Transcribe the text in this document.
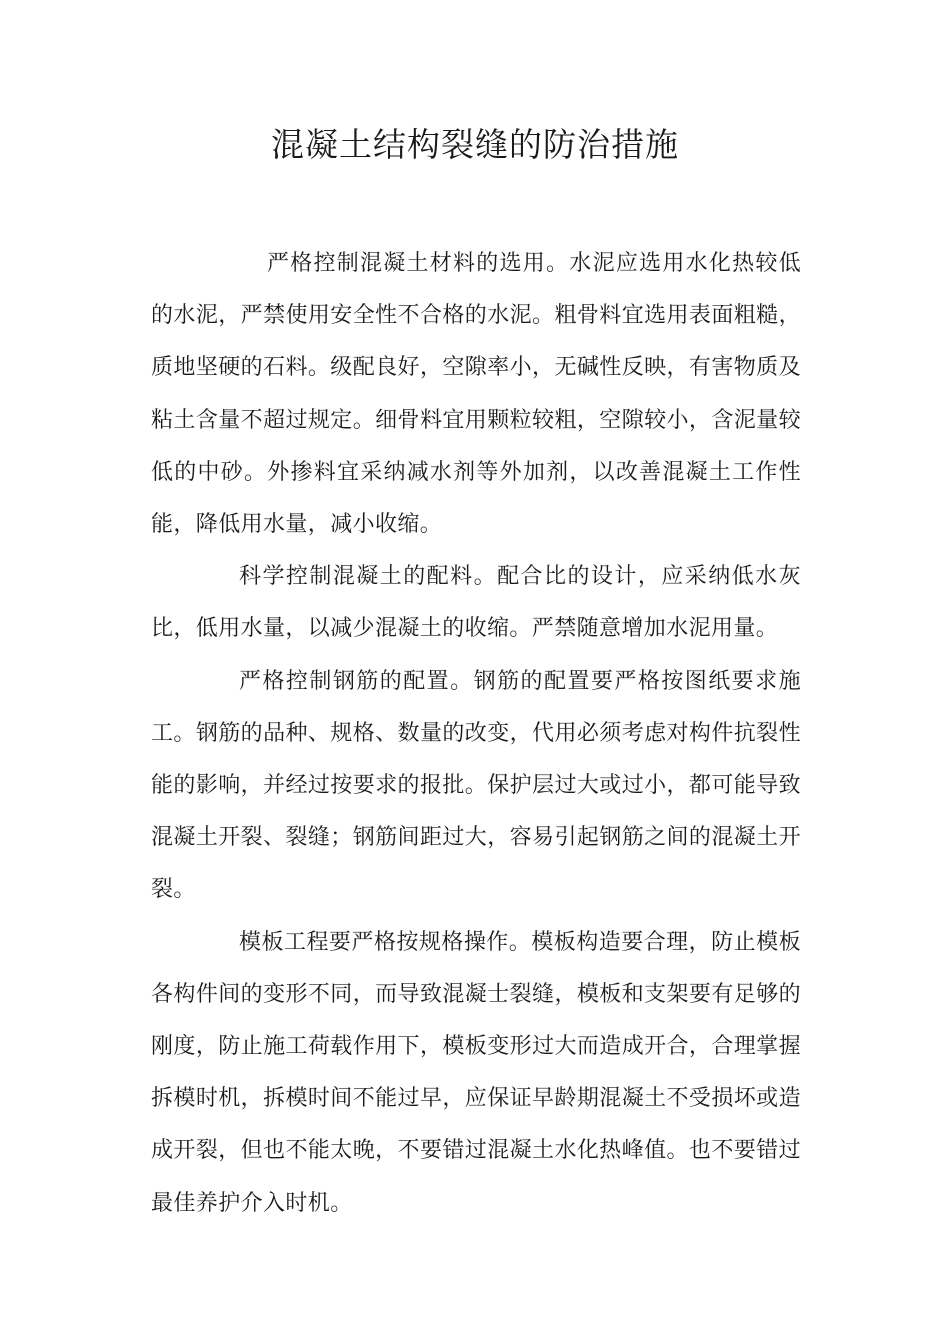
混凝土结构裂缝的防治措施

严格控制混凝土材料的选用。水泥应选用水化热较低的水泥，严禁使用安全性不合格的水泥。粗骨料宜选用表面粗糙，质地坚硬的石料。级配良好，空隙率小，无碱性反映，有害物质及粘土含量不超过规定。细骨料宜用颗粒较粗，空隙较小，含泥量较低的中砂。外掺料宜采纳减水剂等外加剂，以改善混凝土工作性能，降低用水量，减小收缩。

科学控制混凝土的配料。配合比的设计，应采纳低水灰比，低用水量，以减少混凝土的收缩。严禁随意增加水泥用量。

严格控制钢筋的配置。钢筋的配置要严格按图纸要求施工。钢筋的品种、规格、数量的改变，代用必须考虑对构件抗裂性能的影响，并经过按要求的报批。保护层过大或过小，都可能导致混凝土开裂、裂缝；钢筋间距过大，容易引起钢筋之间的混凝土开裂。

模板工程要严格按规格操作。模板构造要合理，防止模板各构件间的变形不同，而导致混凝士裂缝，模板和支架要有足够的刚度，防止施工荷载作用下，模板变形过大而造成开合，合理掌握拆模时机，拆模时间不能过早，应保证早龄期混凝土不受损坏或造成开裂，但也不能太晚，不要错过混凝土水化热峰值。也不要错过最佳养护介入时机。
